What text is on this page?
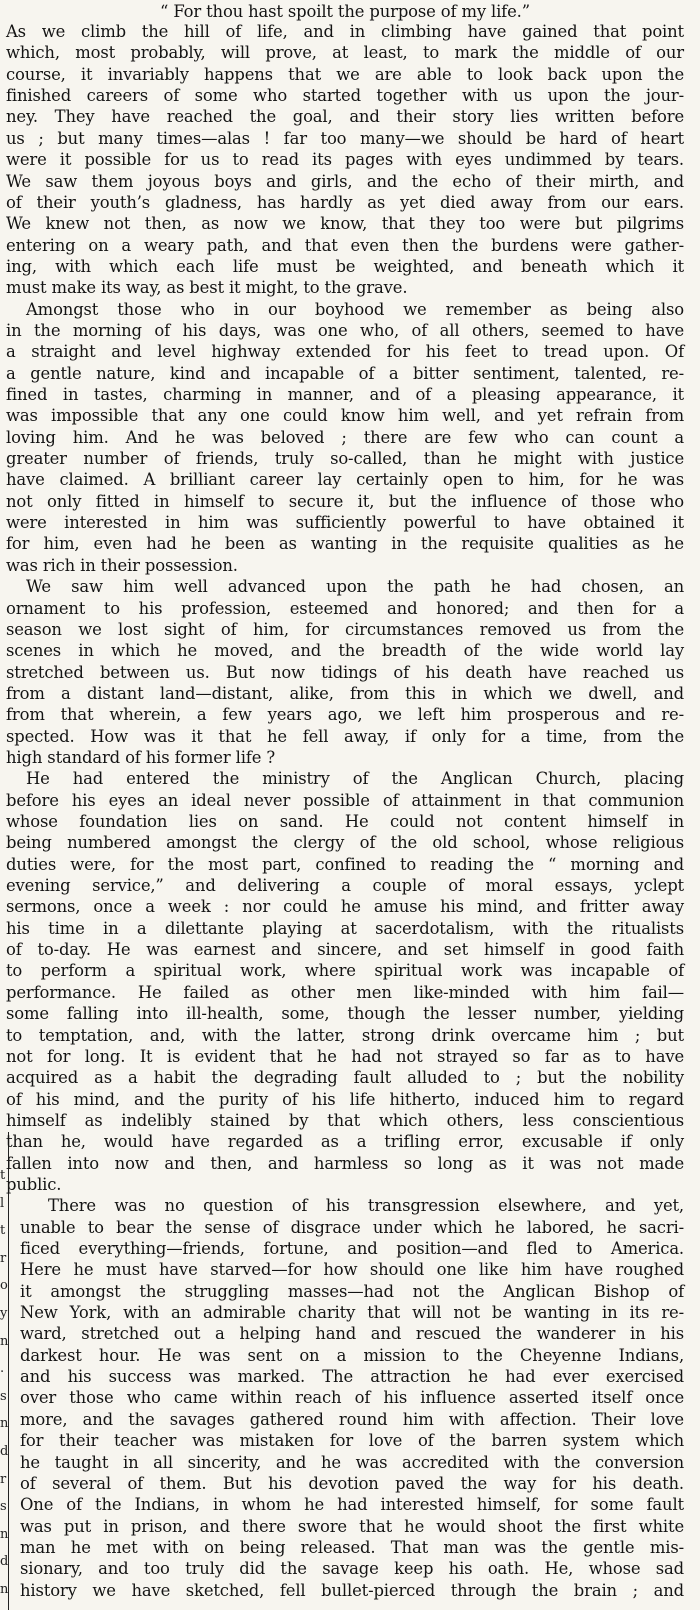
t
l
t
r
o
y
n
.
s
n
d
r
s
n
d
n
“ For thou hast spoilt the purpose of my life.”
As we climb the hill of life, and in climbing have gained that point
which, most probably, will prove, at least, to mark the middle of our
course, it invariably happens that we are able to look back upon the
finished careers of some who started together with us upon the jour-
ney. They have reached the goal, and their story lies written before
us ; but many times—alas ! far too many—we should be hard of heart
were it possible for us to read its pages with eyes undimmed by tears.
We saw them joyous boys and girls, and the echo of their mirth, and
of their youth’s gladness, has hardly as yet died away from our ears.
We knew not then, as now we know, that they too were but pilgrims
entering on a weary path, and that even then the burdens were gather-
ing, with which each life must be weighted, and beneath which it
must make its way, as best it might, to the grave.
Amongst those who in our boyhood we remember as being also
in the morning of his days, was one who, of all others, seemed to have
a straight and level highway extended for his feet to tread upon. Of
a gentle nature, kind and incapable of a bitter sentiment, talented, re-
fined in tastes, charming in manner, and of a pleasing appearance, it
was impossible that any one could know him well, and yet refrain from
loving him. And he was beloved ; there are few who can count a
greater number of friends, truly so-called, than he might with justice
have claimed. A brilliant career lay certainly open to him, for he was
not only fitted in himself to secure it, but the influence of those who
were interested in him was sufficiently powerful to have obtained it
for him, even had he been as wanting in the requisite qualities as he
was rich in their possession.
We saw him well advanced upon the path he had chosen, an
ornament to his profession, esteemed and honored; and then for a
season we lost sight of him, for circumstances removed us from the
scenes in which he moved, and the breadth of the wide world lay
stretched between us. But now tidings of his death have reached us
from a distant land—distant, alike, from this in which we dwell, and
from that wherein, a few years ago, we left him prosperous and re-
spected. How was it that he fell away, if only for a time, from the
high standard of his former life ?
He had entered the ministry of the Anglican Church, placing
before his eyes an ideal never possible of attainment in that communion
whose foundation lies on sand. He could not content himself in
being numbered amongst the clergy of the old school, whose religious
duties were, for the most part, confined to reading the “ morning and
evening service,” and delivering a couple of moral essays, yclept
sermons, once a week : nor could he amuse his mind, and fritter away
his time in a dilettante playing at sacerdotalism, with the ritualists
of to-day. He was earnest and sincere, and set himself in good faith
to perform a spiritual work, where spiritual work was incapable of
performance. He failed as other men like-minded with him fail—
some falling into ill-health, some, though the lesser number, yielding
to temptation, and, with the latter, strong drink overcame him ; but
not for long. It is evident that he had not strayed so far as to have
acquired as a habit the degrading fault alluded to ; but the nobility
of his mind, and the purity of his life hitherto, induced him to regard
himself as indelibly stained by that which others, less conscientious
than he, would have regarded as a trifling error, excusable if only
fallen into now and then, and harmless so long as it was not made
public.
There was no question of his transgression elsewhere, and yet,
unable to bear the sense of disgrace under which he labored, he sacri-
ficed everything—friends, fortune, and position—and fled to America.
Here he must have starved—for how should one like him have roughed
it amongst the struggling masses—had not the Anglican Bishop of
New York, with an admirable charity that will not be wanting in its re-
ward, stretched out a helping hand and rescued the wanderer in his
darkest hour. He was sent on a mission to the Cheyenne Indians,
and his success was marked. The attraction he had ever exercised
over those who came within reach of his influence asserted itself once
more, and the savages gathered round him with affection. Their love
for their teacher was mistaken for love of the barren system which
he taught in all sincerity, and he was accredited with the conversion
of several of them. But his devotion paved the way for his death.
One of the Indians, in whom he had interested himself, for some fault
was put in prison, and there swore that he would shoot the first white
man he met with on being released. That man was the gentle mis-
sionary, and too truly did the savage keep his oath. He, whose sad
history we have sketched, fell bullet-pierced through the brain ; and
